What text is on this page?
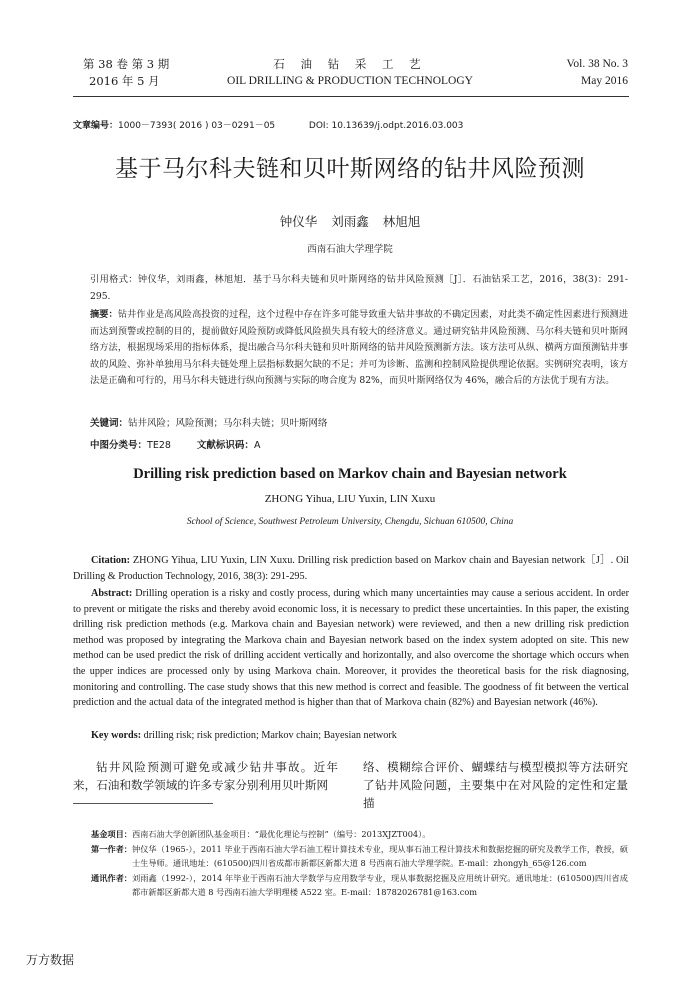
第 38 卷 第 3 期
2016 年 5 月
石 油 钻 采 工 艺
OIL DRILLING & PRODUCTION TECHNOLOGY
Vol. 38 No. 3
May 2016
文章编号：1000－7393( 2016 ) 03－0291－05	DOI: 10.13639/j.odpt.2016.03.003
基于马尔科夫链和贝叶斯网络的钻井风险预测
钟仪华 刘雨鑫 林旭旭
西南石油大学理学院
引用格式：钟仪华，刘雨鑫，林旭旭．基于马尔科夫链和贝叶斯网络的钻井风险预测［J］．石油钻采工艺，2016，38(3)：291-295.
摘要：钻井作业是高风险高投资的过程，这个过程中存在许多可能导致重大钻井事故的不确定因素，对此类不确定性因素进行预测进而达到预警或控制的目的，提前做好风险预防或降低风险损失具有较大的经济意义。通过研究钻井风险预测、马尔科夫链和贝叶斯网络方法，根据现场采用的指标体系，提出融合马尔科夫链和贝叶斯网络的钻井风险预测新方法。该方法可从纵、横两方面预测钻井事故的风险、弥补单独用马尔科夫链处理上层指标数据欠缺的不足；并可为诊断、监测和控制风险提供理论依据。实例研究表明，该方法是正确和可行的，用马尔科夫链进行纵向预测与实际的吻合度为 82%，而贝叶斯网络仅为 46%，融合后的方法优于现有方法。
关键词：钻井风险；风险预测；马尔科夫链；贝叶斯网络
中图分类号：TE28	文献标识码：A
Drilling risk prediction based on Markov chain and Bayesian network
ZHONG Yihua, LIU Yuxin, LIN Xuxu
School of Science, Southwest Petroleum University, Chengdu, Sichuan 610500, China
Citation: ZHONG Yihua, LIU Yuxin, LIN Xuxu. Drilling risk prediction based on Markov chain and Bayesian network［J］. Oil Drilling & Production Technology, 2016, 38(3): 291-295.
Abstract: Drilling operation is a risky and costly process, during which many uncertainties may cause a serious accident. In order to prevent or mitigate the risks and thereby avoid economic loss, it is necessary to predict these uncertainties. In this paper, the existing drilling risk prediction methods (e.g. Markova chain and Bayesian network) were reviewed, and then a new drilling risk prediction method was proposed by integrating the Markova chain and Bayesian network based on the index system adopted on site. This new method can be used predict the risk of drilling accident vertically and horizontally, and also overcome the shortage which occurs when the upper indices are processed only by using Markova chain. Moreover, it provides the theoretical basis for the risk diagnosing, monitoring and controlling. The case study shows that this new method is correct and feasible. The goodness of fit between the vertical prediction and the actual data of the integrated method is higher than that of Markova chain (82%) and Bayesian network (46%).
Key words: drilling risk; risk prediction; Markov chain; Bayesian network
钻井风险预测可避免或减少钻井事故。近年来，石油和数学领域的许多专家分别利用贝叶斯网
络、模糊综合评价、蝴蝶结与模型模拟等方法研究了钻井风险问题，主要集中在对风险的定性和定量描
基金项目： 西南石油大学创新团队基金项目：“最优化理论与控制”（编号：2013XJZT004）。
第一作者： 钟仪华（1965-），2011 毕业于西南石油大学石油工程计算技术专业，现从事石油工程计算技术和数据挖掘的研究及教学工作，教授，硕士生导师。通讯地址：(610500)四川省成都市新都区新都大道 8 号西南石油大学理学院。E-mail：zhongyh_65@126.com
通讯作者： 刘雨鑫（1992-），2014 年毕业于西南石油大学数学与应用数学专业，现从事数据挖掘及应用统计研究。通讯地址：(610500)四川省成都市新都区新都大道 8 号西南石油大学明理楼 A522 室。E-mail：18782026781@163.com
万方数据
